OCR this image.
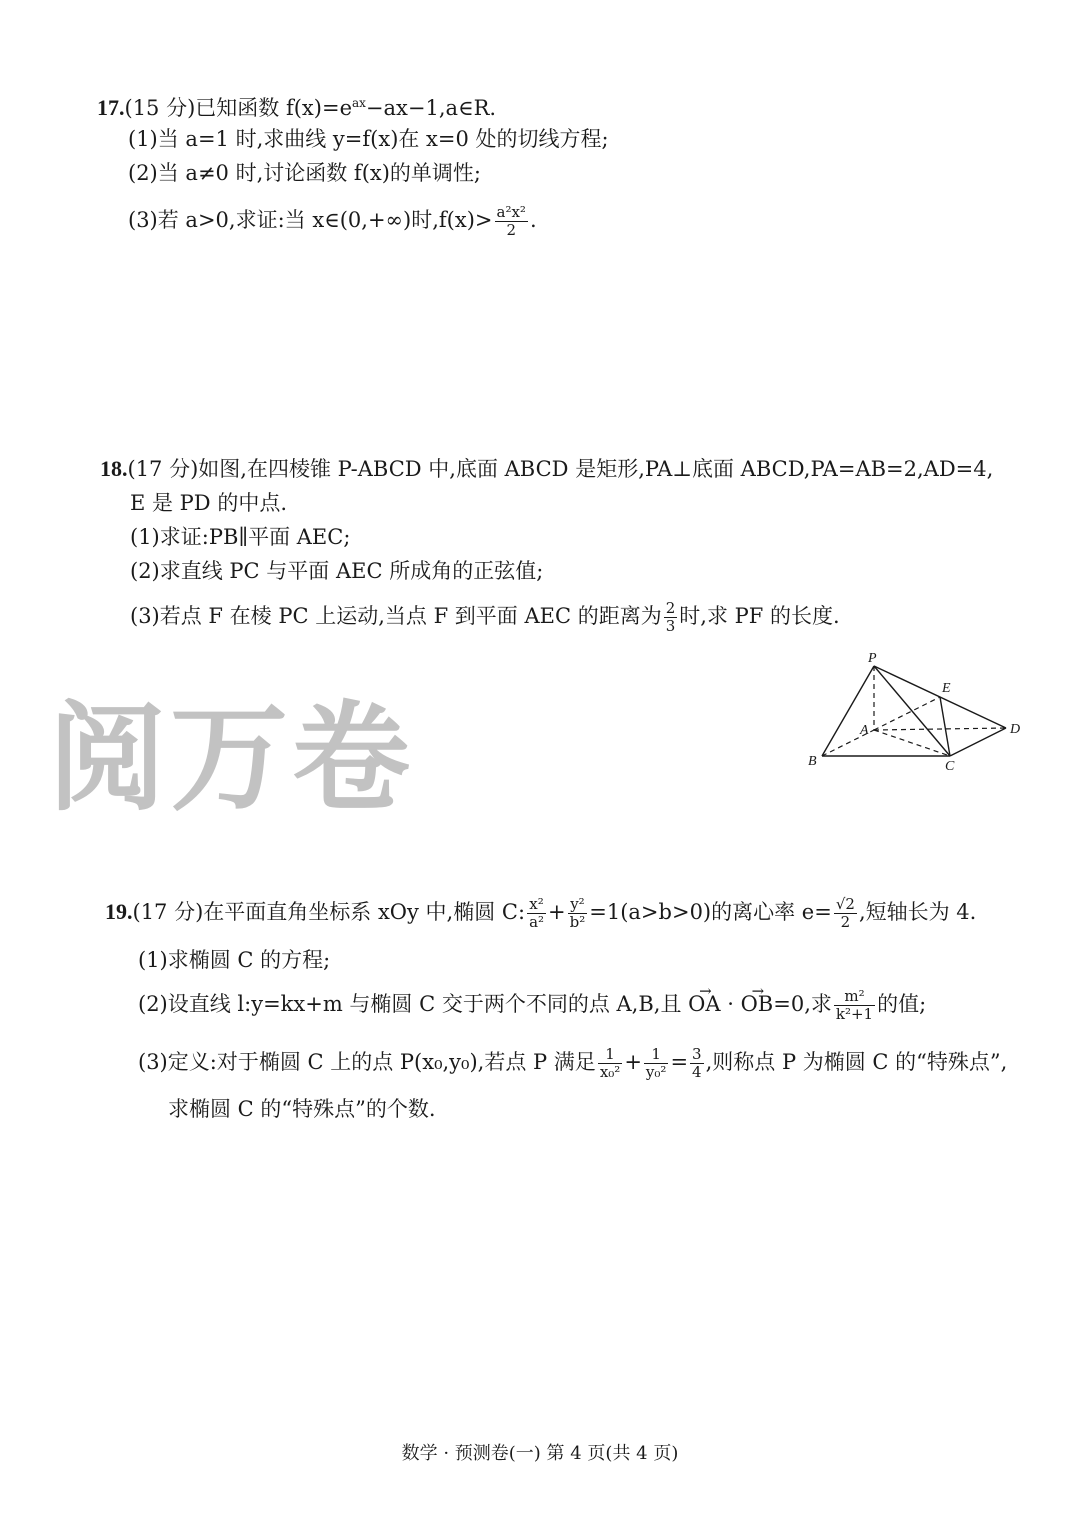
17.(15 分)已知函数 $f(x)=e^{ax}-ax-1,a\in R$.
(1)当 a=1 时,求曲线 y=f(x)在 x=0 处的切线方程;
(2)当 a≠0 时,讨论函数 f(x)的单调性;
(3)若 a>0,求证:当 x∈(0,+∞)时$,f(x)> \frac{\text{a²x²}}{2}$ .
18.(17 分)如图,在四棱锥 P-ABCD 中,底面 ABCD 是矩形,PA⊥底面 ABCD,PA=AB=2,AD=4,
E 是 PD 的中点.
(1)求证:PB∥平面 AEC;
(2)求直线 PC 与平面 AEC 所成角的正弦值;
(3)若点 F 在棱 PC 上运动,当点 F 到平面 AEC 的距离为 $\frac{2}{3}$ 时,求 PF 的长度.
P
E
A	D
B	C
阅万卷
19.(17 分)在平面直角坐标系 xOy 中,椭圆 C: $\frac{\text{x²}}{\text{a²}} + \frac{\text{y²}}{\text{b²}} =1(a>b>0)$的离心率 $e= \frac{√2}{2}$ ,短轴长为 4.
(1)求椭圆 C 的方程;
(2)设直线 l:y=kx+m 与椭圆 C 交于两个不同的点 A,B,且 → OA · → OB=0,求 $\frac{\text{m²}}{\text{k²+1}}$ 的值;
(3)定义:对于椭圆 C 上的点 P(x₀,y₀),若点 P 满足 $\frac{1}{\text{x₀²}} + \frac{1}{\text{y₀²}} = \frac{3}{4}$ ,则称点 P 为椭圆 C 的“特殊点”,
求椭圆 C 的“特殊点”的个数.
数学 · 预测卷(一) 第 4 页(共 4 页)
